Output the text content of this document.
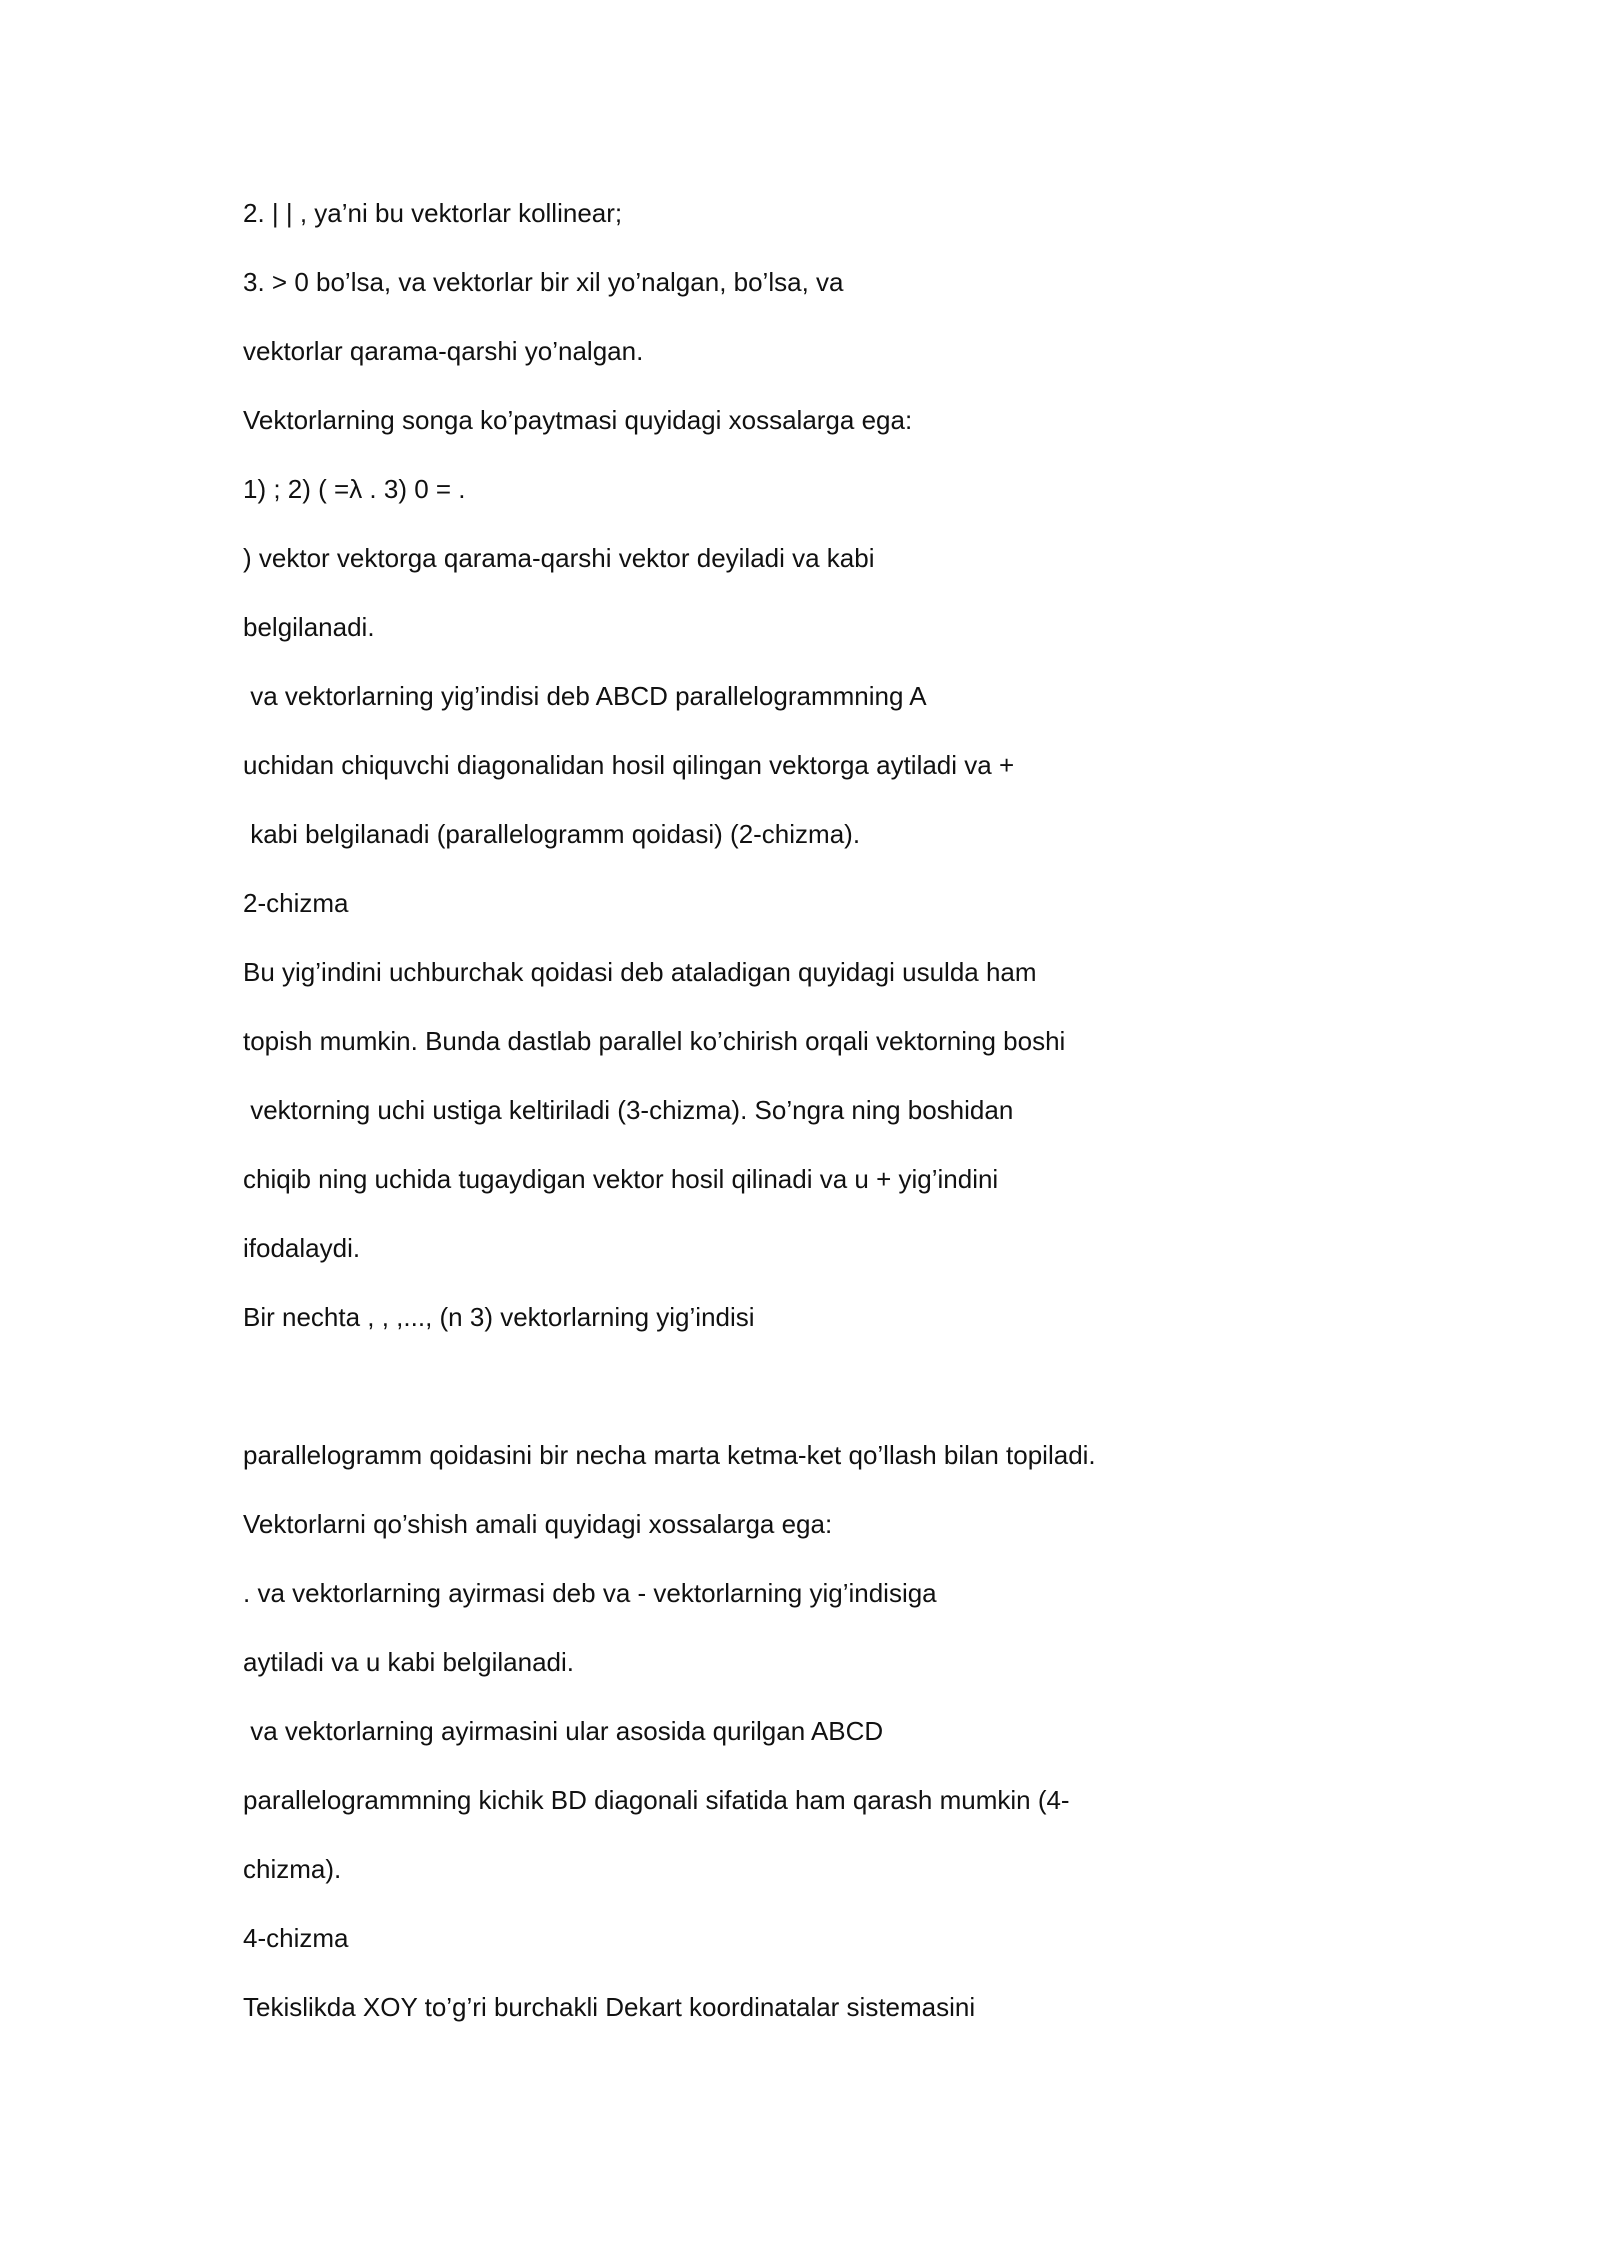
2. | | , ya’ni bu vektorlar kollinear;
3. > 0 bo’lsa, va vektorlar bir xil yo’nalgan, bo’lsa, va
vektorlar qarama-qarshi yo’nalgan.
Vektorlarning songa ko’paytmasi quyidagi xossalarga ega:
1) ; 2) ( =λ . 3) 0 = .
) vektor vektorga qarama-qarshi vektor deyiladi va kabi
belgilanadi.
va vektorlarning yig’indisi deb ABCD parallelogrammning A
uchidan chiquvchi diagonalidan hosil qilingan vektorga aytiladi va +
kabi belgilanadi (parallelogramm qoidasi) (2-chizma).
2-chizma
Bu yig’indini uchburchak qoidasi deb ataladigan quyidagi usulda ham
topish mumkin. Bunda dastlab parallel ko’chirish orqali vektorning boshi
vektorning uchi ustiga keltiriladi (3-chizma). So’ngra ning boshidan
chiqib ning uchida tugaydigan vektor hosil qilinadi va u + yig’indini
ifodalaydi.
Bir nechta , , ,..., (n 3) vektorlarning yig’indisi
parallelogramm qoidasini bir necha marta ketma-ket qo’llash bilan topiladi.
Vektorlarni qo’shish amali quyidagi xossalarga ega:
. va vektorlarning ayirmasi deb va - vektorlarning yig’indisiga
aytiladi va u kabi belgilanadi.
va vektorlarning ayirmasini ular asosida qurilgan ABCD
parallelogrammning kichik BD diagonali sifatida ham qarash mumkin (4-
chizma).
4-chizma
Tekislikda XOY to’g’ri burchakli Dekart koordinatalar sistemasini
